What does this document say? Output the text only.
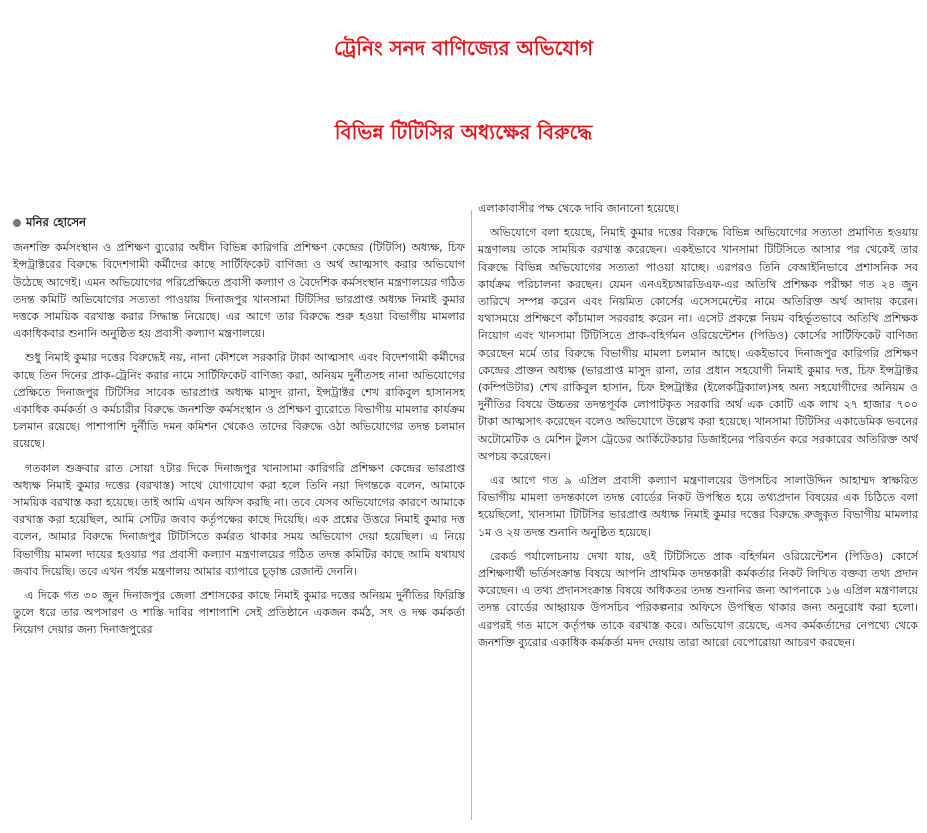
ট্রেনিং সনদ বাণিজ্যের অভিযোগ
বিভিন্ন টিটিসির অধ্যক্ষের বিরুদ্ধে
মনির হোসেন

জনশক্তি কর্মসংস্থান ও প্রশিক্ষণ ব্যুরোর অধীন বিভিন্ন কারিগরি প্রশিক্ষণ কেন্দ্রের (টিটিসি) অধ্যক্ষ, চিফ ইন্সট্রাক্টরের বিরুদ্ধে বিদেশগামী কর্মীদের কাছে সার্টিফিকেট বাণিজ্য ও অর্থ আত্মসাৎ করার অভিযোগ উঠেছে আগেই। এমন অভিযোগের পরিপ্রেক্ষিতে প্রবাসী কল্যাণ ও বৈদেশিক কর্মসংস্থান মন্ত্রণালয়ের গঠিত তদন্ত কমিটি অভিযোগের সত্যতা পাওয়ায় দিনাজপুর খানসামা টিটিসির ভারপ্রাপ্ত অধ্যক্ষ নিমাই কুমার দত্তকে সাময়িক বরখাস্ত করার সিদ্ধান্ত নিয়েছে। এর আগে তার বিরুদ্ধে শুরু হওয়া বিভাগীয় মামলার একাধিকবার শুনানি অনুষ্ঠিত হয় প্রবাসী কল্যাণ মন্ত্রণালয়ে।

শুধু নিমাই কুমার দত্তের বিরুদ্ধেই নয়, নানা কৌশলে সরকারি টাকা আত্মসাৎ এবং বিদেশগামী কর্মীদের কাছে তিন দিনের প্রাক-ট্রেনিং করার নামে সার্টিফিকেট বাণিজ্য করা, অনিয়ম দুর্নীতসহ নানা অভিযোগের প্রেক্ষিতে দিনাজপুর টিটিসির সাবেক ভারপ্রাপ্ত অধ্যক্ষ মাসুদ রানা, ইন্সট্রাক্টর শেখ রাকিবুল হাসানসহ একাধিক কর্মকর্তা ও কর্মচারীর বিরুদ্ধে জনশক্তি কর্মসংস্থান ও প্রশিক্ষণ ব্যুরোতে বিভাগীয় মামলার কার্যক্রম চলমান রয়েছে। পাশাপাশি দুর্নীতি দমন কমিশন থেকেও তাদের বিরুদ্ধে ওঠা অভিযোগের তদন্ত চলমান রয়েছে।

গতকাল শুক্রবার রাত সোয়া ৭টার দিকে দিনাজপুর খানাসামা কারিগরি প্রশিক্ষণ কেন্দ্রের ভারপ্রাপ্ত অধ্যক্ষ নিমাই কুমার দত্তের (বরখাস্ত) সাথে যোগাযোগ করা হলে তিনি নয়া দিগন্তকে বলেন, আমাকে সাময়িক বরখাস্ত করা হয়েছে। তাই আমি এখন অফিস করছি না। তবে যেসব অভিযোগের কারণে আমাকে বরখাস্ত করা হয়েছিল, আমি সেটির জবাব কর্তৃপক্ষের কাছে দিয়েছি। এক প্রশ্নের উত্তরে নিমাই কুমার দত্ত বলেন, আমার বিরুদ্ধে দিনাজপুর টিটিসিতে কর্মরত থাকার সময় অভিযোগ দেয়া হয়েছিল। এ নিয়ে বিভাগীয় মামলা দায়ের হওয়ার পর প্রবাসী কল্যাণ মন্ত্রণালয়ের গঠিত তদন্ত কমিটির কাছে আমি যথাযথ জবাব দিয়েছি। তবে এখন পর্যন্ত মন্ত্রণালয় আমার ব্যাপারে চূড়ান্ত রেজাল্ট দেননি।

এ দিকে গত ৩০ জুন দিনাজপুর জেলা প্রশাসকের কাছে নিমাই কুমার দত্তের অনিয়ম দুর্নীতির ফিরিস্তি তুলে ধরে তার অপসারণ ও শাস্তি দাবির পাশাপাশি সেই প্রতিষ্ঠানে একজন কর্মঠ, সৎ ও দক্ষ কর্মকর্তা নিয়োগ দেয়ার জন্য দিনাজপুরের

এলাকাবাসীর পক্ষ থেকে দাবি জানানো হয়েছে।

অভিযোগে বলা হয়েছে, নিমাই কুমার দত্তের বিরুদ্ধে বিভিন্ন অভিযোগের সত্যতা প্রমাণিত হওয়ায় মন্ত্রণালয় তাকে সাময়িক বরখাস্ত করেছেন। একইভাবে খানসামা টিটিসিতে আসার পর থেকেই তার বিরুদ্ধে বিভিন্ন অভিযোগের সত্যতা পাওয়া যাচ্ছে। এরপরও তিনি বেআইনিভাবে প্রশাসনিক সব কার্যক্রম পরিচালনা করছেন। যেমন এনএইচআরডিএফ-এর অতিথি প্রশিক্ষক পরীক্ষা গত ২৪ জুন তারিখে সম্পন্ন করেন এবং নিয়মিত কোর্সের এসেসমেন্টের নামে অতিরিক্ত অর্থ আদায় করেন। যথাসময়ে প্রশিক্ষণে কাঁচামাল সরবরাহ করেন না। এসেট প্রকল্পে নিয়ম বহির্ভূতভাবে অতিথি প্রশিক্ষক নিয়োগ এবং খানসামা টিটিসিতে প্রাক-বহির্গমন ওরিয়েন্টেশন (পিডিও) কোর্সের সার্টিফিকেট বাণিজ্য করেছেন মর্মে তার বিরুদ্ধে বিভাগীয় মামলা চলমান আছে। একইভাবে দিনাজপুর কারিগরি প্রশিক্ষণ কেন্দ্রের প্রাক্তন অধ্যক্ষ (ভারপ্রাপ্ত মাসুদ রানা, তার প্রধান সহযোগী নিমাই কুমার দত্ত, চিফ ইন্সট্রাক্টর (কম্পিউটার) শেখ রাকিবুল হাসান, চিফ ইন্সট্রাক্টর (ইলেকট্রিক্যাল)সহ অন্য সহযোগীদের অনিয়ম ও দুর্নীতির বিষয়ে উচ্চতর তদন্তপূর্বক লোপাটকৃত সরকারি অর্থ এক কোটি এক লাখ ২৭ হাজার ৭০০ টাকা আত্মসাৎ করেছেন বলেও অভিযোগে উল্লেখ করা হয়েছে। খানসামা টিটিসির একাডেমিক ভবনের অটোমেটিক ও মেশিন টুলস ট্রেডের আর্কিটেকচার ডিজাইনের পরিবর্তন করে সরকারের অতিরিক্ত অর্থ অপচয় করেছেন।

এর আগে গত ৯ এপ্রিল প্রবাসী কল্যাণ মন্ত্রণালয়ের উপসচিব সালাউদ্দিন আহাম্মদ স্বাক্ষরিত বিভাগীয় মামলা তদন্তকালে তদন্ত বোর্ডের নিকট উপস্থিত হয়ে তথ্যপ্রদান বিষয়ের এক চিঠিতে বলা হয়েছিলো, খানসামা টিটিসির ভারপ্রাপ্ত অধ্যক্ষ নিমাই কুমার দত্তের বিরুদ্ধে রুজুকৃত বিভাগীয় মামলার ১ম ও ২য় তদন্ত শুনানি অনুষ্ঠিত হয়েছে।

রেকর্ড পর্যালোচনায় দেখা যায়, ওই টিটিসিতে প্রাক বহির্গমন ওরিয়েন্টেশন (পিডিও) কোর্সে প্রশিক্ষণার্থী ভর্তিসংক্রান্ত বিষয়ে আপনি প্রাথমিক তদন্তকারী কর্মকর্তার নিকট লিখিত বক্তব্য তথ্য প্রদান করেছেন। এ তথ্য প্রদানসংক্রান্ত বিষয়ে অধিকতর তদন্ত শুনানির জন্য আপনাকে ১৬ এপ্রিল মন্ত্রণালয়ে তদন্ত বোর্ডের আহ্বায়ক উপসচিব পরিকল্পনার অফিসে উপস্থিত থাকার জন্য অনুরোধ করা হলো। এরপরই গত মাসে কর্তৃপক্ষ তাকে বরখাস্ত করে। অভিযোগ রয়েছে, এসব কর্মকর্তাদের নেপথ্যে থেকে জনশক্তি ব্যুরোর একাধিক কর্মকর্তা মদদ দেয়ায় তারা আরো বেপোরোয়া আচরণ করছেন।
